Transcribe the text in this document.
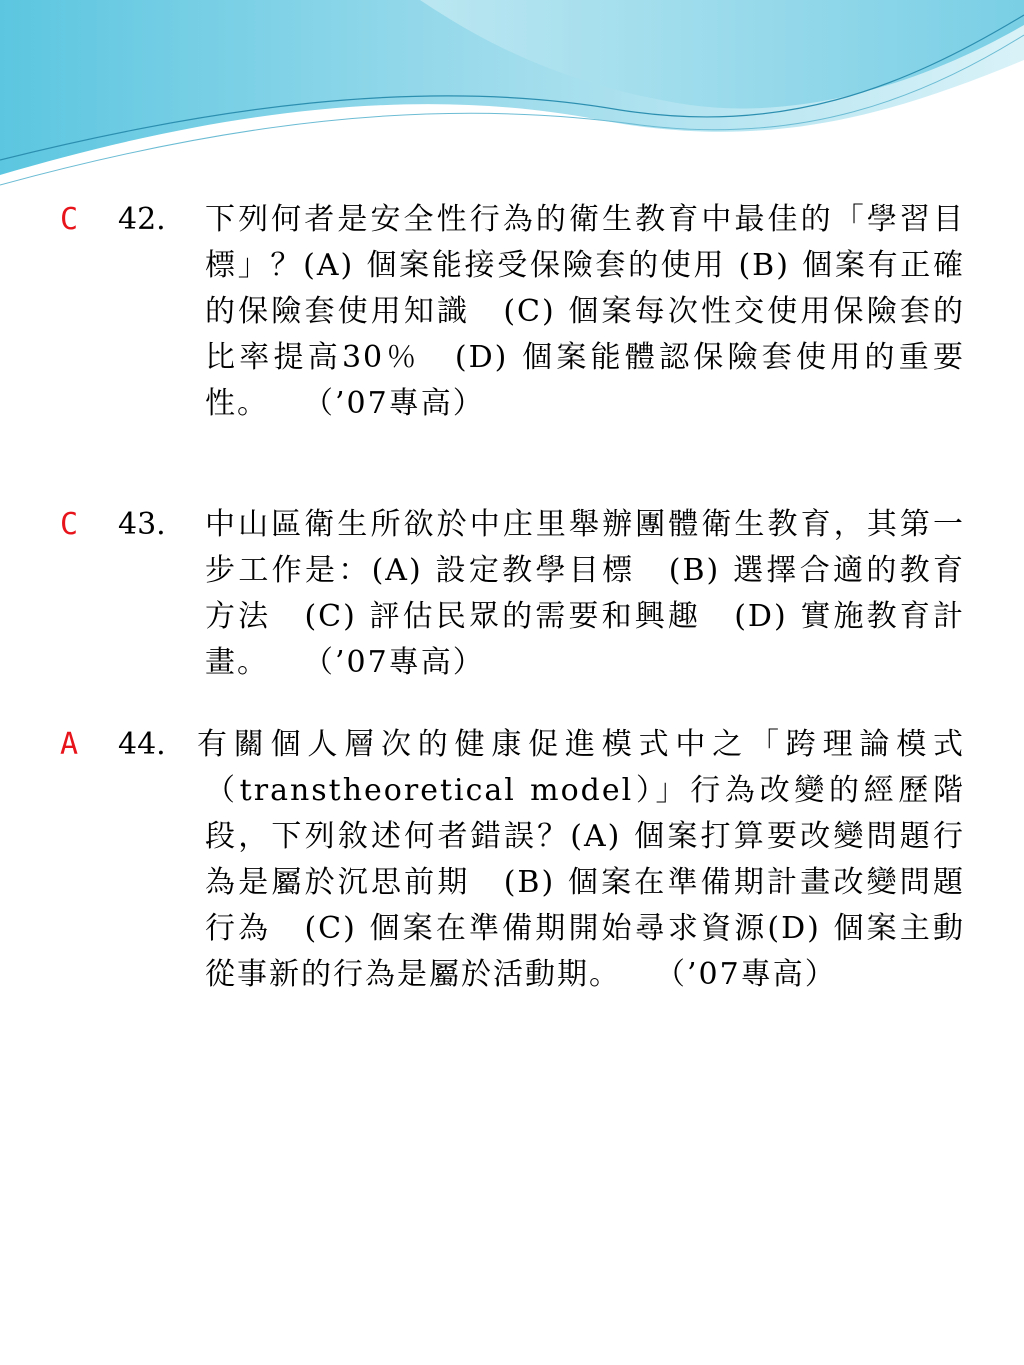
C 42. 下列何者是安全性行為的衛生教育中最佳的「學習目標」？(A) 個案能接受保險套的使用 (B) 個案有正確的保險套使用知識　(C) 個案每次性交使用保險套的比率提高30％　(D) 個案能體認保險套使用的重要性。　　（’07專高）
C 43. 中山區衛生所欲於中庄里舉辦團體衛生教育，其第一步工作是：(A) 設定教學目標　(B) 選擇合適的教育方法　(C) 評估民眾的需要和興趣　(D) 實施教育計畫。　　（’07專高）
A 44. 有關個人層次的健康促進模式中之「跨理論模式（transtheoretical model）」行為改變的經歷階段，下列敘述何者錯誤？(A) 個案打算要改變問題行為是屬於沉思前期　(B) 個案在準備期計畫改變問題行為　(C) 個案在準備期開始尋求資源(D) 個案主動從事新的行為是屬於活動期。　　（’07專高）
